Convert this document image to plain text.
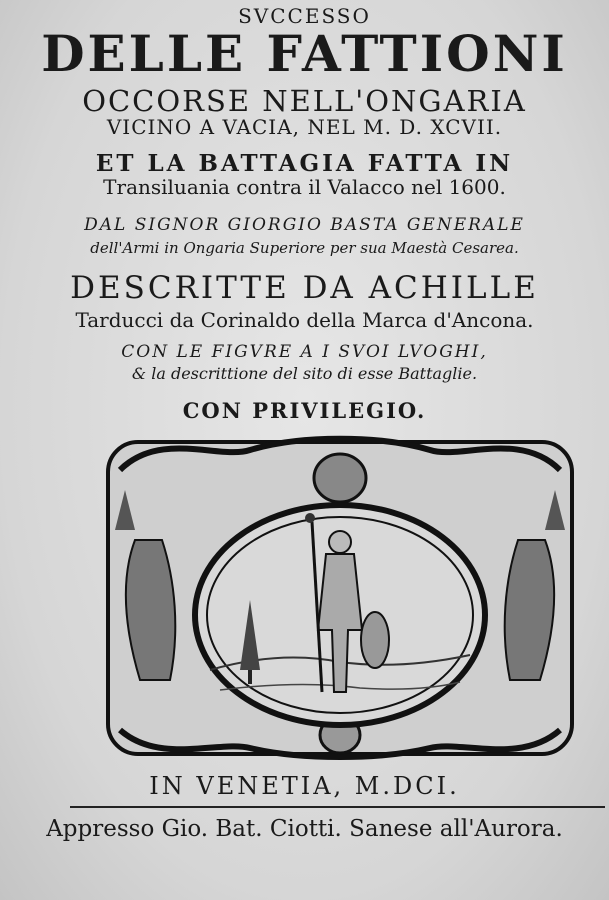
SVCCESSO
DELLE FATTIONI
OCCORSE NELL'ONGARIA
VICINO A VACIA, NEL M. D. XCVII.
ET LA BATTAGIA FATTA IN
Transiluania contra il Valacco nel 1600.
DAL SIGNOR GIORGIO BASTA GENERALE
dell'Armi in Ongaria Superiore per sua Maestà Cesarea.
DESCRITTE DA ACHILLE
Tarducci da Corinaldo della Marca d'Ancona.
CON LE FIGVRE A I SVOI LVOGHI,
& la descrittione del sito di esse Battaglie.
CON PRIVILEGIO.
IN VENETIA, M.DCI.
Appresso Gio. Bat. Ciotti. Sanese all'Aurora.
